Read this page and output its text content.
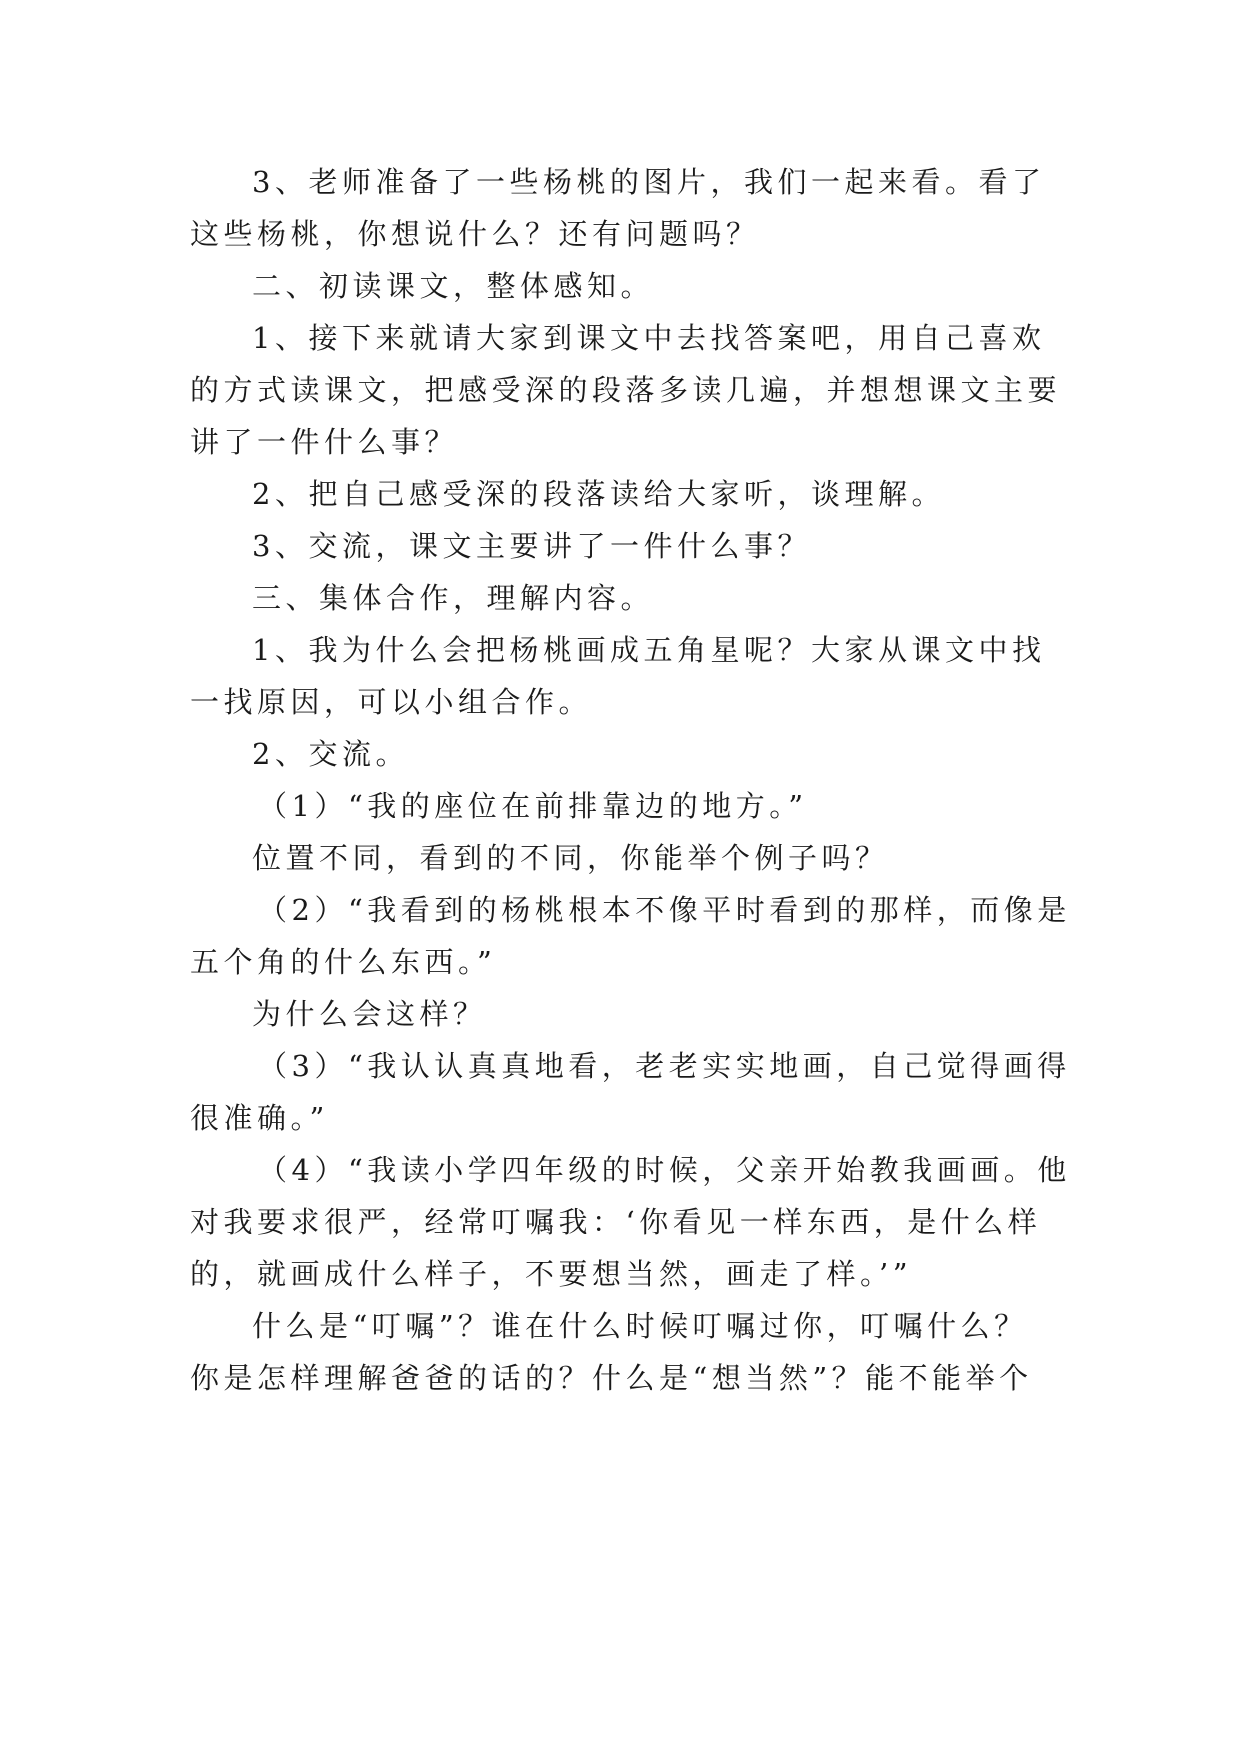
3、老师准备了一些杨桃的图片，我们一起来看。看了

这些杨桃，你想说什么？还有问题吗？

二、初读课文，整体感知。

1、接下来就请大家到课文中去找答案吧，用自己喜欢

的方式读课文，把感受深的段落多读几遍，并想想课文主要

讲了一件什么事？

2、把自己感受深的段落读给大家听，谈理解。

3、交流，课文主要讲了一件什么事？

三、集体合作，理解内容。

1、我为什么会把杨桃画成五角星呢？大家从课文中找

一找原因，可以小组合作。

2、交流。

（1）“我的座位在前排靠边的地方。”

位置不同，看到的不同，你能举个例子吗？

（2）“我看到的杨桃根本不像平时看到的那样，而像是

五个角的什么东西。”

为什么会这样？

（3）“我认认真真地看，老老实实地画，自己觉得画得

很准确。”

（4）“我读小学四年级的时候，父亲开始教我画画。他

对我要求很严，经常叮嘱我：‘你看见一样东西，是什么样

的，就画成什么样子，不要想当然，画走了样。’”

什么是“叮嘱”？谁在什么时候叮嘱过你，叮嘱什么？

你是怎样理解爸爸的话的？什么是“想当然”？能不能举个
